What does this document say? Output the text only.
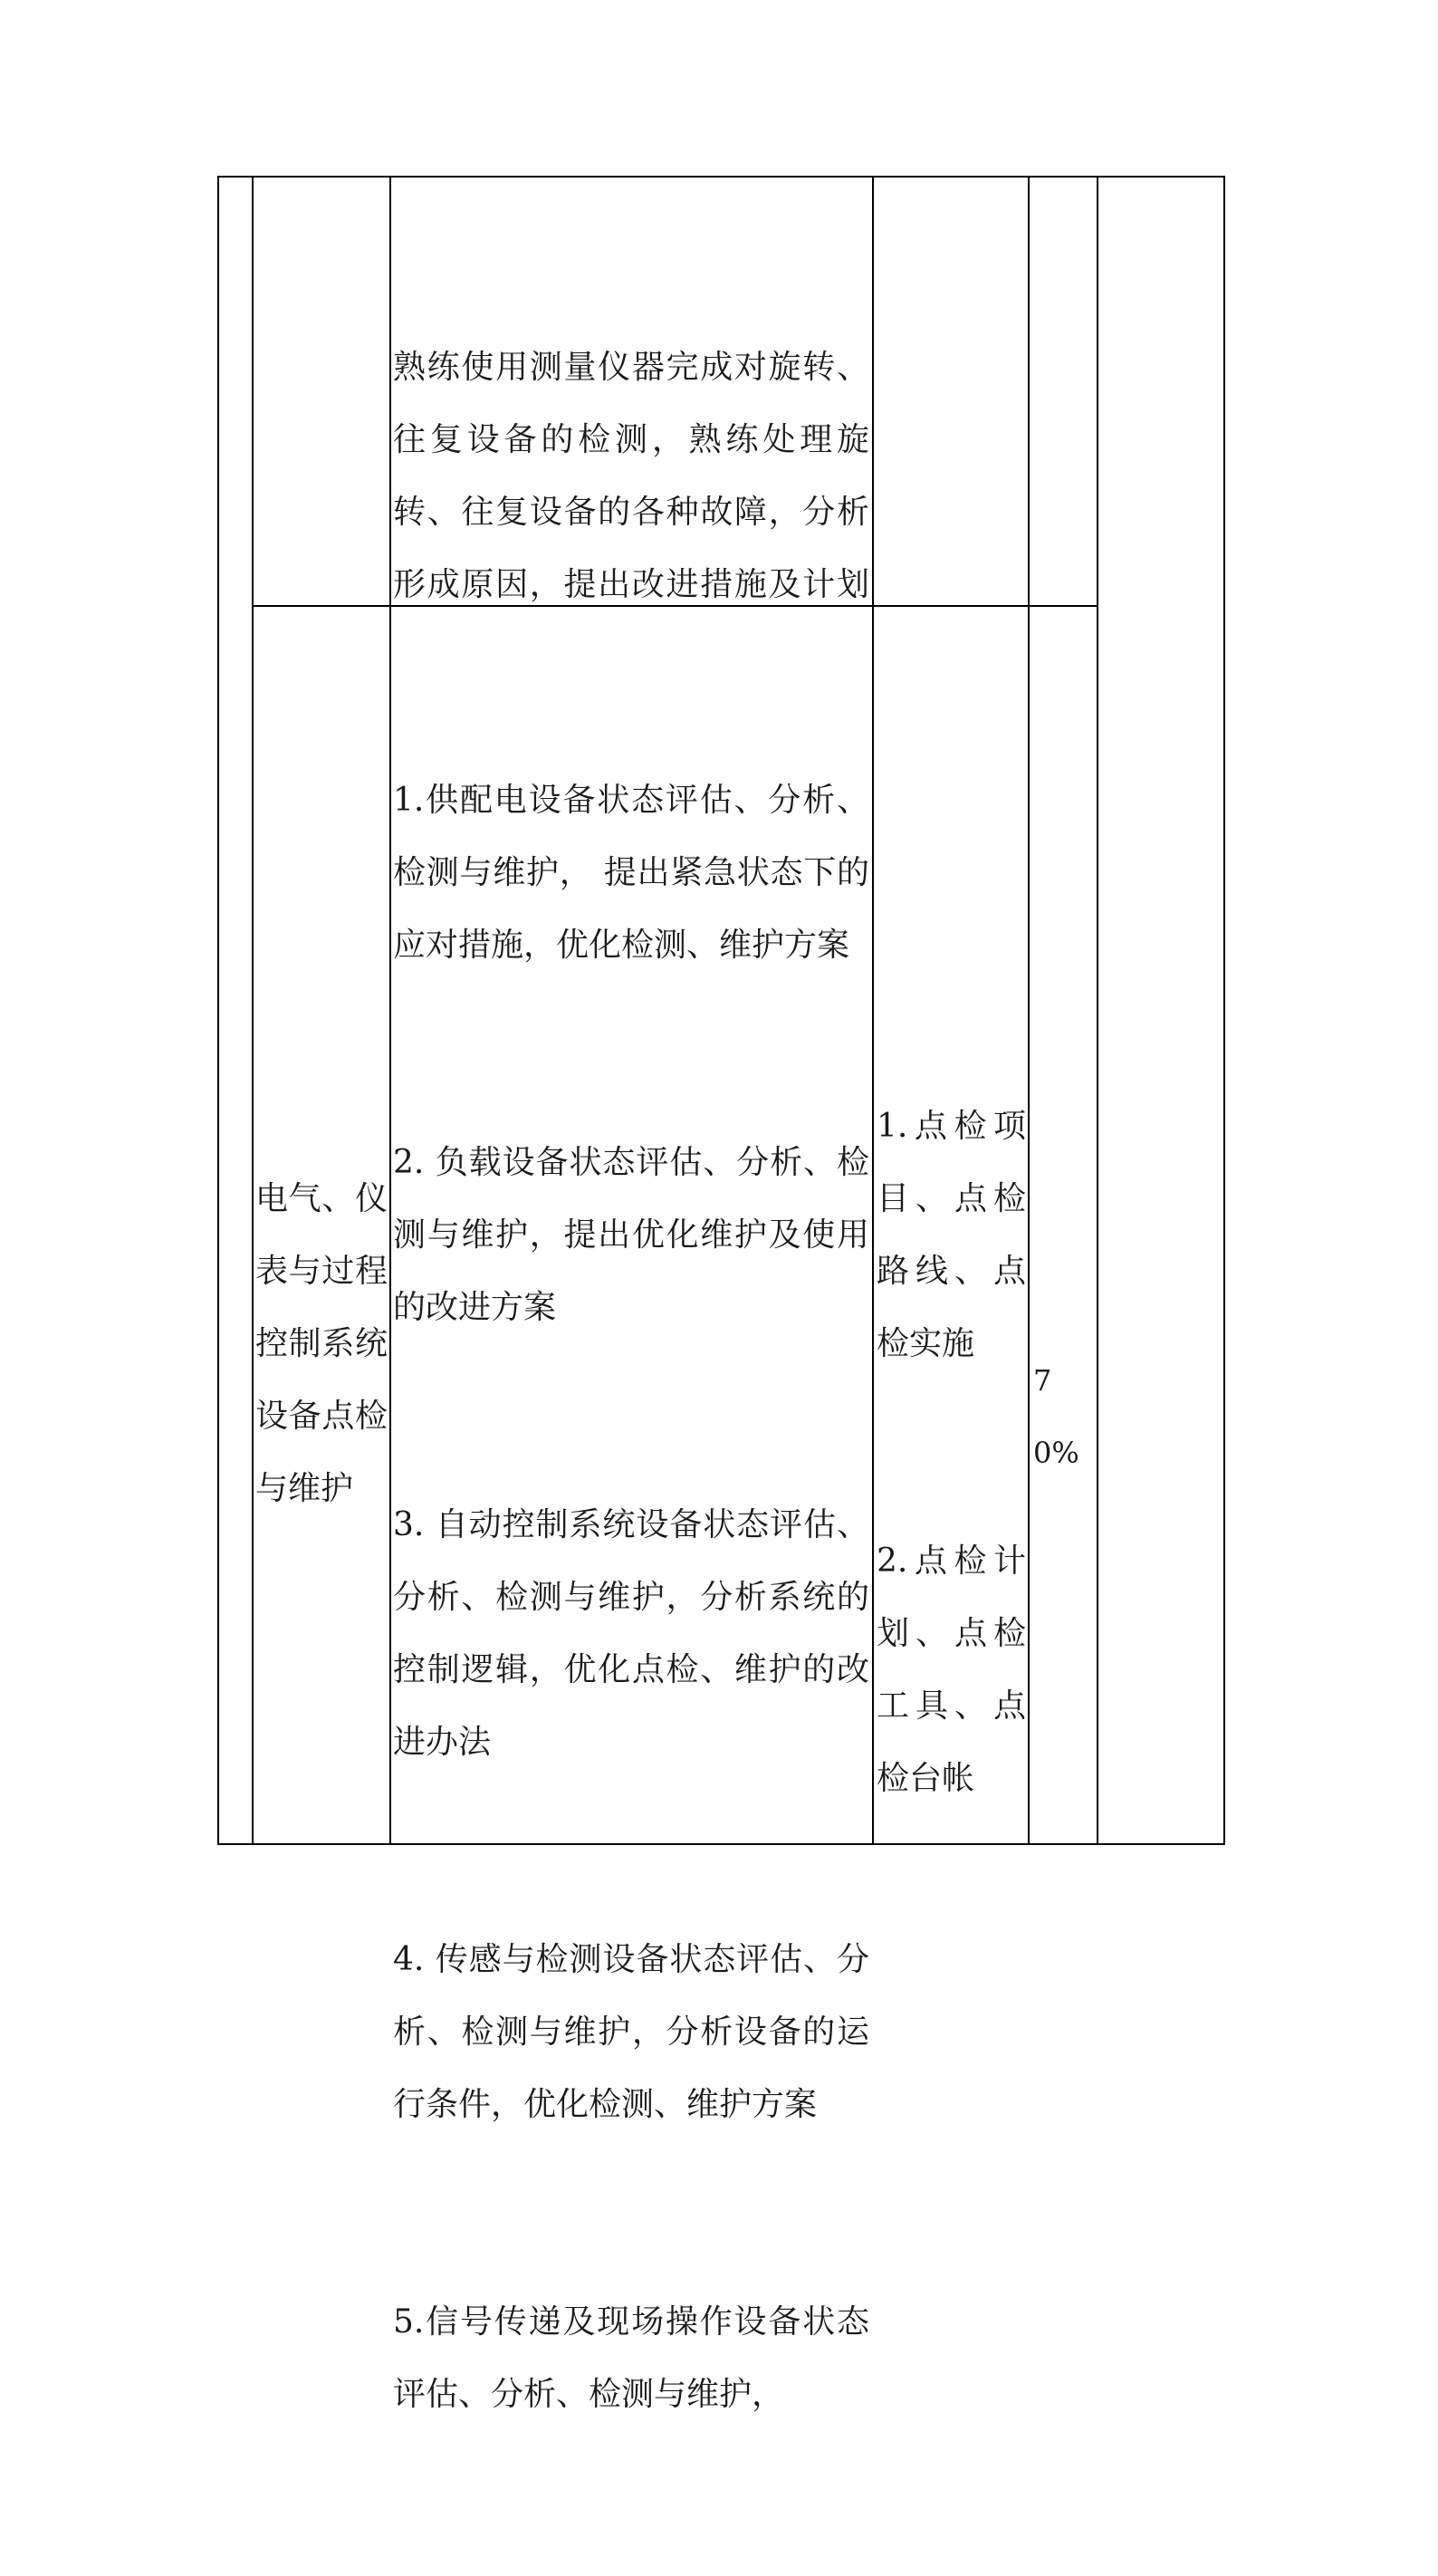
熟练使用测量仪器完成对旋转、往复设备的检测，熟练处理旋转、往复设备的各种故障，分析形成原因，提出改进措施及计划

电气、仪表与过程控制系统设备点检与维护

1.供配电设备状态评估、分析、检测与维护， 提出紧急状态下的应对措施，优化检测、维护方案

2. 负载设备状态评估、分析、检测与维护，提出优化维护及使用的改进方案

3. 自动控制系统设备状态评估、分析、检测与维护，分析系统的控制逻辑，优化点检、维护的改进办法

4. 传感与检测设备状态评估、分析、检测与维护，分析设备的运行条件，优化检测、维护方案

5.信号传递及现场操作设备状态评估、分析、检测与维护，

1.点检项目、点检路线、点检实施

2.点检计划、点检工具、点检台帐

70%
